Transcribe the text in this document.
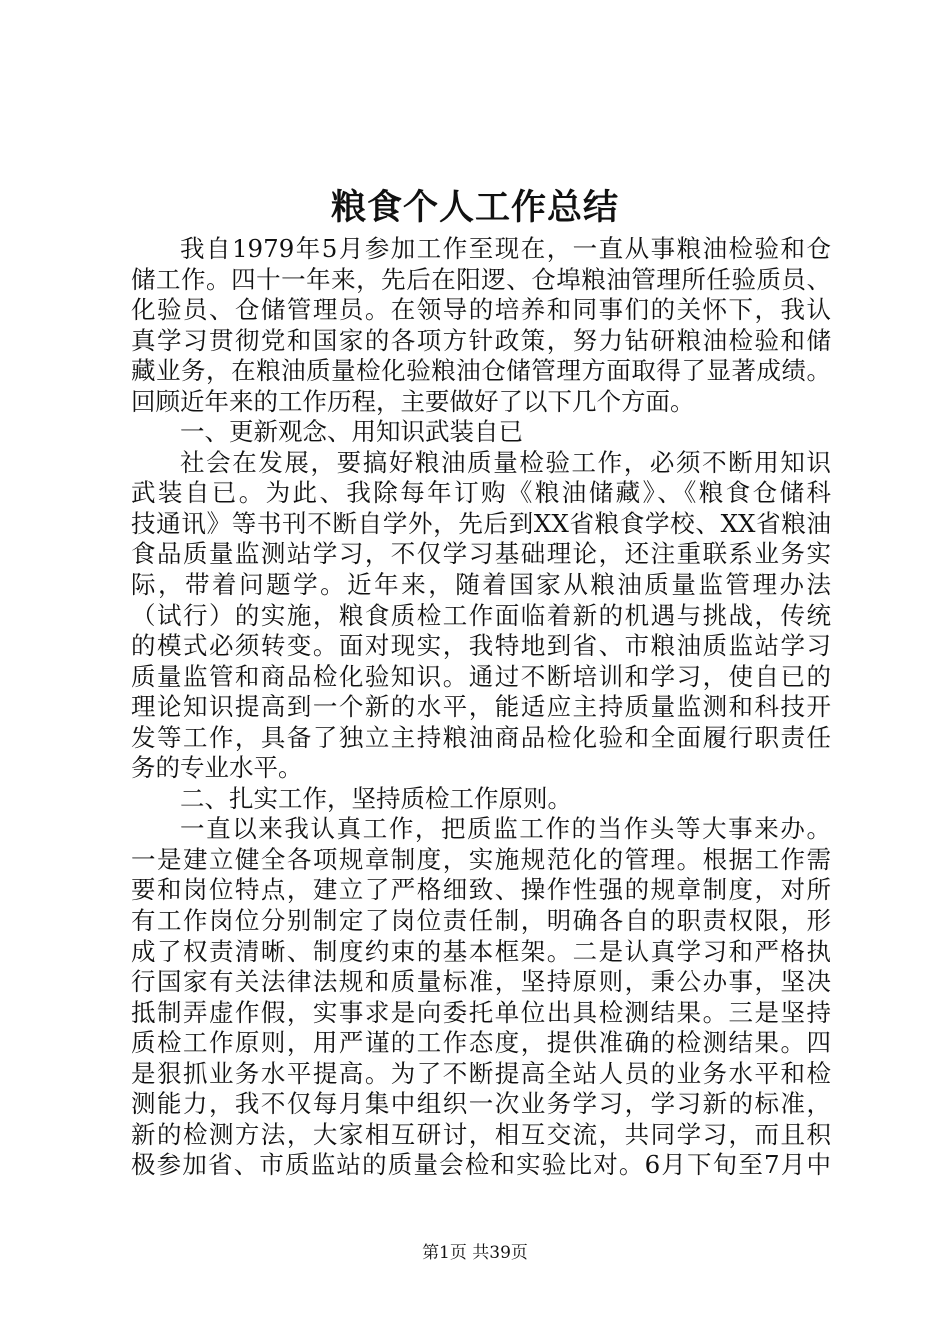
粮食个人工作总结
我自1979年5月参加工作至现在，一直从事粮油检验和仓
储工作。四十一年来，先后在阳逻、仓埠粮油管理所任验质员、
化验员、仓储管理员。在领导的培养和同事们的关怀下，我认
真学习贯彻党和国家的各项方针政策，努力钻研粮油检验和储
藏业务，在粮油质量检化验粮油仓储管理方面取得了显著成绩。
回顾近年来的工作历程，主要做好了以下几个方面。
一、更新观念、用知识武装自已
社会在发展，要搞好粮油质量检验工作，必须不断用知识
武装自已。为此、我除每年订购《粮油储藏》、《粮食仓储科
技通讯》等书刊不断自学外，先后到XX省粮食学校、XX省粮油
食品质量监测站学习，不仅学习基础理论，还注重联系业务实
际，带着问题学。近年来，随着国家从粮油质量监管理办法
（试行）的实施，粮食质检工作面临着新的机遇与挑战，传统
的模式必须转变。面对现实，我特地到省、市粮油质监站学习
质量监管和商品检化验知识。通过不断培训和学习，使自已的
理论知识提高到一个新的水平，能适应主持质量监测和科技开
发等工作，具备了独立主持粮油商品检化验和全面履行职责任
务的专业水平。
二、扎实工作，坚持质检工作原则。
一直以来我认真工作，把质监工作的当作头等大事来办。
一是建立健全各项规章制度，实施规范化的管理。根据工作需
要和岗位特点，建立了严格细致、操作性强的规章制度，对所
有工作岗位分别制定了岗位责任制，明确各自的职责权限，形
成了权责清晰、制度约束的基本框架。二是认真学习和严格执
行国家有关法律法规和质量标准，坚持原则，秉公办事，坚决
抵制弄虚作假，实事求是向委托单位出具检测结果。三是坚持
质检工作原则，用严谨的工作态度，提供准确的检测结果。四
是狠抓业务水平提高。为了不断提高全站人员的业务水平和检
测能力，我不仅每月集中组织一次业务学习，学习新的标准，
新的检测方法，大家相互研讨，相互交流，共同学习，而且积
极参加省、市质监站的质量会检和实验比对。6月下旬至7月中
第1页 共39页
